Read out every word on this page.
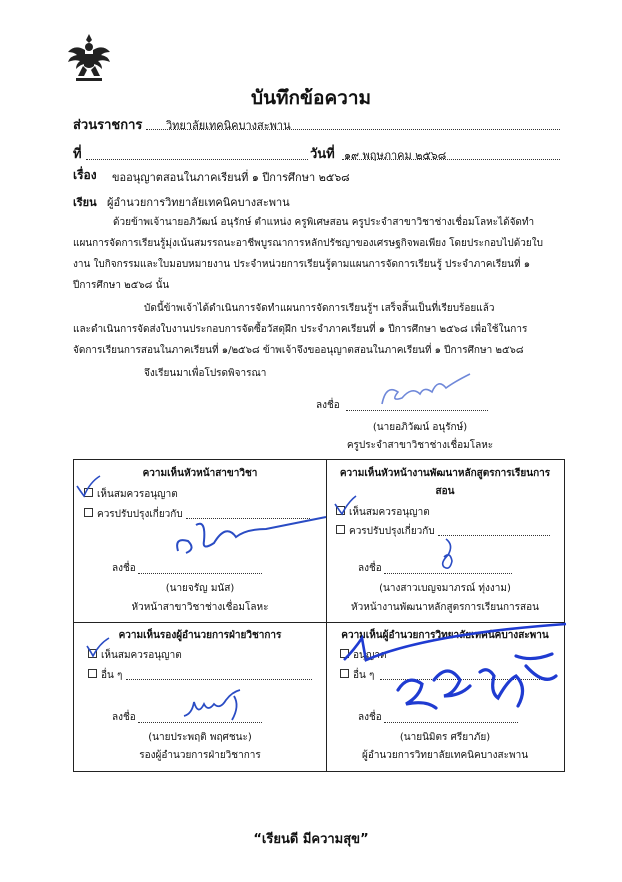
บันทึกข้อความ
ส่วนราชการ วิทยาลัยเทคนิคบางสะพาน
ที่	วันที่ ๑๙ พฤษภาคม ๒๕๖๘
เรื่อง ขออนุญาตสอนในภาคเรียนที่ ๑ ปีการศึกษา ๒๕๖๘
เรียน ผู้อำนวยการวิทยาลัยเทคนิคบางสะพาน
ด้วยข้าพเจ้านายอภิวัฒน์ อนุรักษ์ ตำแหน่ง ครูพิเศษสอน ครูประจำสาขาวิชาช่างเชื่อมโลหะได้จัดทำ
แผนการจัดการเรียนรู้มุ่งเน้นสมรรถนะอาชีพบูรณาการหลักปรัชญาของเศรษฐกิจพอเพียง โดยประกอบไปด้วยใบ
งาน ใบกิจกรรมและใบมอบหมายงาน ประจำหน่วยการเรียนรู้ตามแผนการจัดการเรียนรู้ ประจำภาคเรียนที่ ๑
ปีการศึกษา ๒๕๖๘ นั้น
บัดนี้ข้าพเจ้าได้ดำเนินการจัดทำแผนการจัดการเรียนรู้ฯ เสร็จสิ้นเป็นที่เรียบร้อยแล้ว
และดำเนินการจัดส่งใบงานประกอบการจัดซื้อวัสดุฝึก ประจำภาคเรียนที่ ๑ ปีการศึกษา ๒๕๖๘ เพื่อใช้ในการ
จัดการเรียนการสอนในภาคเรียนที่ ๑/๒๕๖๘ ข้าพเจ้าจึงขออนุญาตสอนในภาคเรียนที่ ๑ ปีการศึกษา ๒๕๖๘
จึงเรียนมาเพื่อโปรดพิจารณา
ลงชื่อ
(นายอภิวัฒน์ อนุรักษ์)
ครูประจำสาขาวิชาช่างเชื่อมโลหะ
ความเห็นหัวหน้าสาขาวิชา
เห็นสมควรอนุญาต
ควรปรับปรุงเกี่ยวกับ
ลงชื่อ
(นายจรัญ มนัส)
หัวหน้าสาขาวิชาช่างเชื่อมโลหะ
ความเห็นหัวหน้างานพัฒนาหลักสูตรการเรียนการ
สอน
เห็นสมควรอนุญาต
ควรปรับปรุงเกี่ยวกับ
ลงชื่อ
(นางสาวเบญจมาภรณ์ ทุ่งงาม)
หัวหน้างานพัฒนาหลักสูตรการเรียนการสอน
ความเห็นรองผู้อำนวยการฝ่ายวิชาการ
เห็นสมควรอนุญาต
อื่น ๆ
ลงชื่อ
(นายประพฤติ พฤศชนะ)
รองผู้อำนวยการฝ่ายวิชาการ
ความเห็นผู้อำนวยการวิทยาลัยเทคนิคบางสะพาน
อนุญาต
อื่น ๆ
ลงชื่อ
(นายนิมิตร ศรียาภัย)
ผู้อำนวยการวิทยาลัยเทคนิคบางสะพาน
“เรียนดี มีความสุข”
